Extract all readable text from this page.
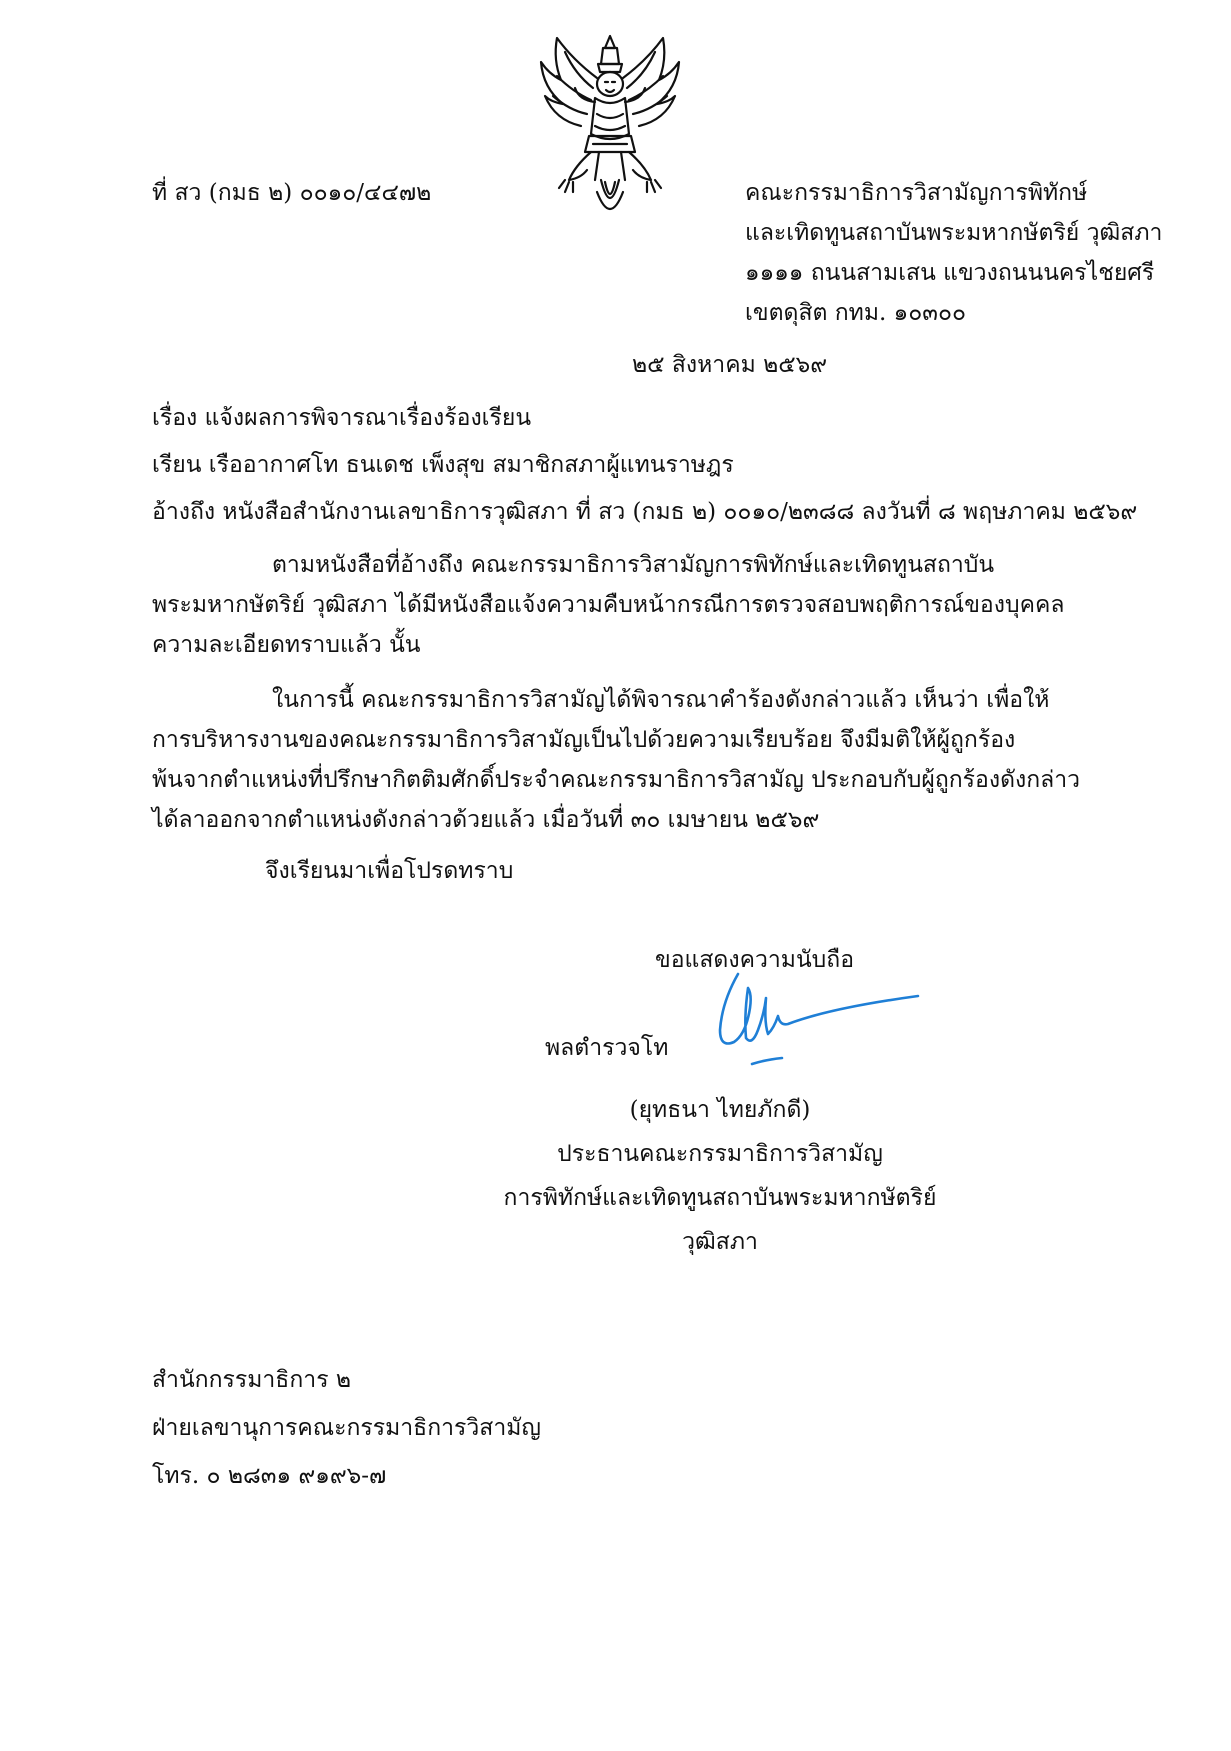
ที่ สว (กมธ ๒) ๐๐๑๐/๔๔๗๒	คณะกรรมาธิการวิสามัญการพิทักษ์
และเทิดทูนสถาบันพระมหากษัตริย์ วุฒิสภา
๑๑๑๑ ถนนสามเสน แขวงถนนนครไชยศรี
เขตดุสิต กทม. ๑๐๓๐๐
๒๕ สิงหาคม ๒๕๖๙
เรื่อง แจ้งผลการพิจารณาเรื่องร้องเรียน
เรียน เรืออากาศโท ธนเดช เพ็งสุข สมาชิกสภาผู้แทนราษฎร
อ้างถึง หนังสือสำนักงานเลขาธิการวุฒิสภา ที่ สว (กมธ ๒) ๐๐๑๐/๒๓๘๘ ลงวันที่ ๘ พฤษภาคม ๒๕๖๙
ตามหนังสือที่อ้างถึง คณะกรรมาธิการวิสามัญการพิทักษ์และเทิดทูนสถาบัน
พระมหากษัตริย์ วุฒิสภา ได้มีหนังสือแจ้งความคืบหน้ากรณีการตรวจสอบพฤติการณ์ของบุคคล
ความละเอียดทราบแล้ว นั้น
ในการนี้ คณะกรรมาธิการวิสามัญได้พิจารณาคำร้องดังกล่าวแล้ว เห็นว่า เพื่อให้
การบริหารงานของคณะกรรมาธิการวิสามัญเป็นไปด้วยความเรียบร้อย จึงมีมติให้ผู้ถูกร้อง
พ้นจากตำแหน่งที่ปรึกษากิตติมศักดิ์ประจำคณะกรรมาธิการวิสามัญ ประกอบกับผู้ถูกร้องดังกล่าว
ได้ลาออกจากตำแหน่งดังกล่าวด้วยแล้ว เมื่อวันที่ ๓๐ เมษายน ๒๕๖๙
จึงเรียนมาเพื่อโปรดทราบ
ขอแสดงความนับถือ
พลตำรวจโท
(ยุทธนา ไทยภักดี)
ประธานคณะกรรมาธิการวิสามัญ
การพิทักษ์และเทิดทูนสถาบันพระมหากษัตริย์
วุฒิสภา
สำนักกรรมาธิการ ๒
ฝ่ายเลขานุการคณะกรรมาธิการวิสามัญ
โทร. ๐ ๒๘๓๑ ๙๑๙๖-๗
